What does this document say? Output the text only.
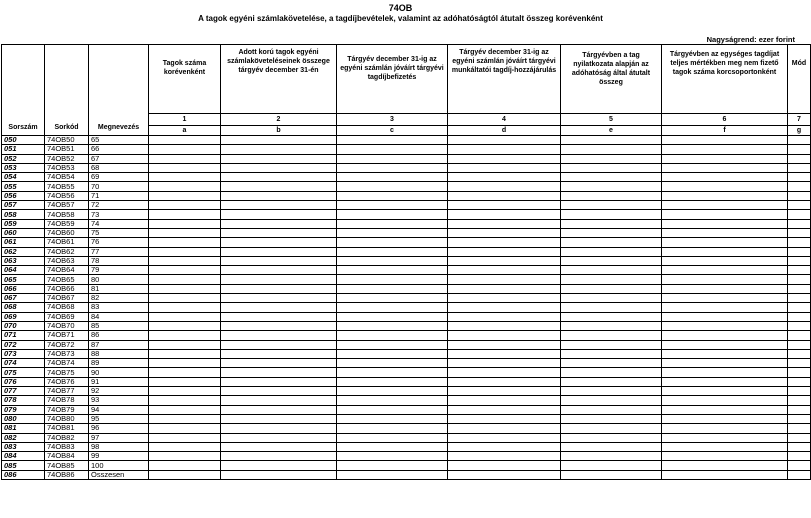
74OB
A tagok egyéni számlakövetelése, a tagdíjbevételek, valamint az adóhatóságtól átutalt összeg korévenként
Nagyságrend: ezer forint
Sorszám	Sorkód	Megnevezés	Tagok száma korévenként	Adott korú tagok egyéni számlaköveteléseinek összege tárgyév december 31-én	Tárgyév december 31-ig az egyéni számlán jóváírt tárgyévi tagdíjbefizetés	Tárgyév december 31-ig az egyéni számlán jóváírt tárgyévi munkáltatói tagdíj-hozzájárulás	Tárgyévben a tag nyilatkozata alapján az adóhatóság által átutalt összeg	Tárgyévben az egységes tagdíjat teljes mértékben meg nem fizető tagok száma korcsoportonként	Mód
			1	2	3	4	5	6	7
			a	b	c	d	e	f	g
050	74OB50	65							
051	74OB51	66							
052	74OB52	67							
053	74OB53	68							
054	74OB54	69							
055	74OB55	70							
056	74OB56	71							
057	74OB57	72							
058	74OB58	73							
059	74OB59	74							
060	74OB60	75							
061	74OB61	76							
062	74OB62	77							
063	74OB63	78							
064	74OB64	79							
065	74OB65	80							
066	74OB66	81							
067	74OB67	82							
068	74OB68	83							
069	74OB69	84							
070	74OB70	85							
071	74OB71	86							
072	74OB72	87							
073	74OB73	88							
074	74OB74	89							
075	74OB75	90							
076	74OB76	91							
077	74OB77	92							
078	74OB78	93							
079	74OB79	94							
080	74OB80	95							
081	74OB81	96							
082	74OB82	97							
083	74OB83	98							
084	74OB84	99							
085	74OB85	100							
086	74OB86	Összesen							
